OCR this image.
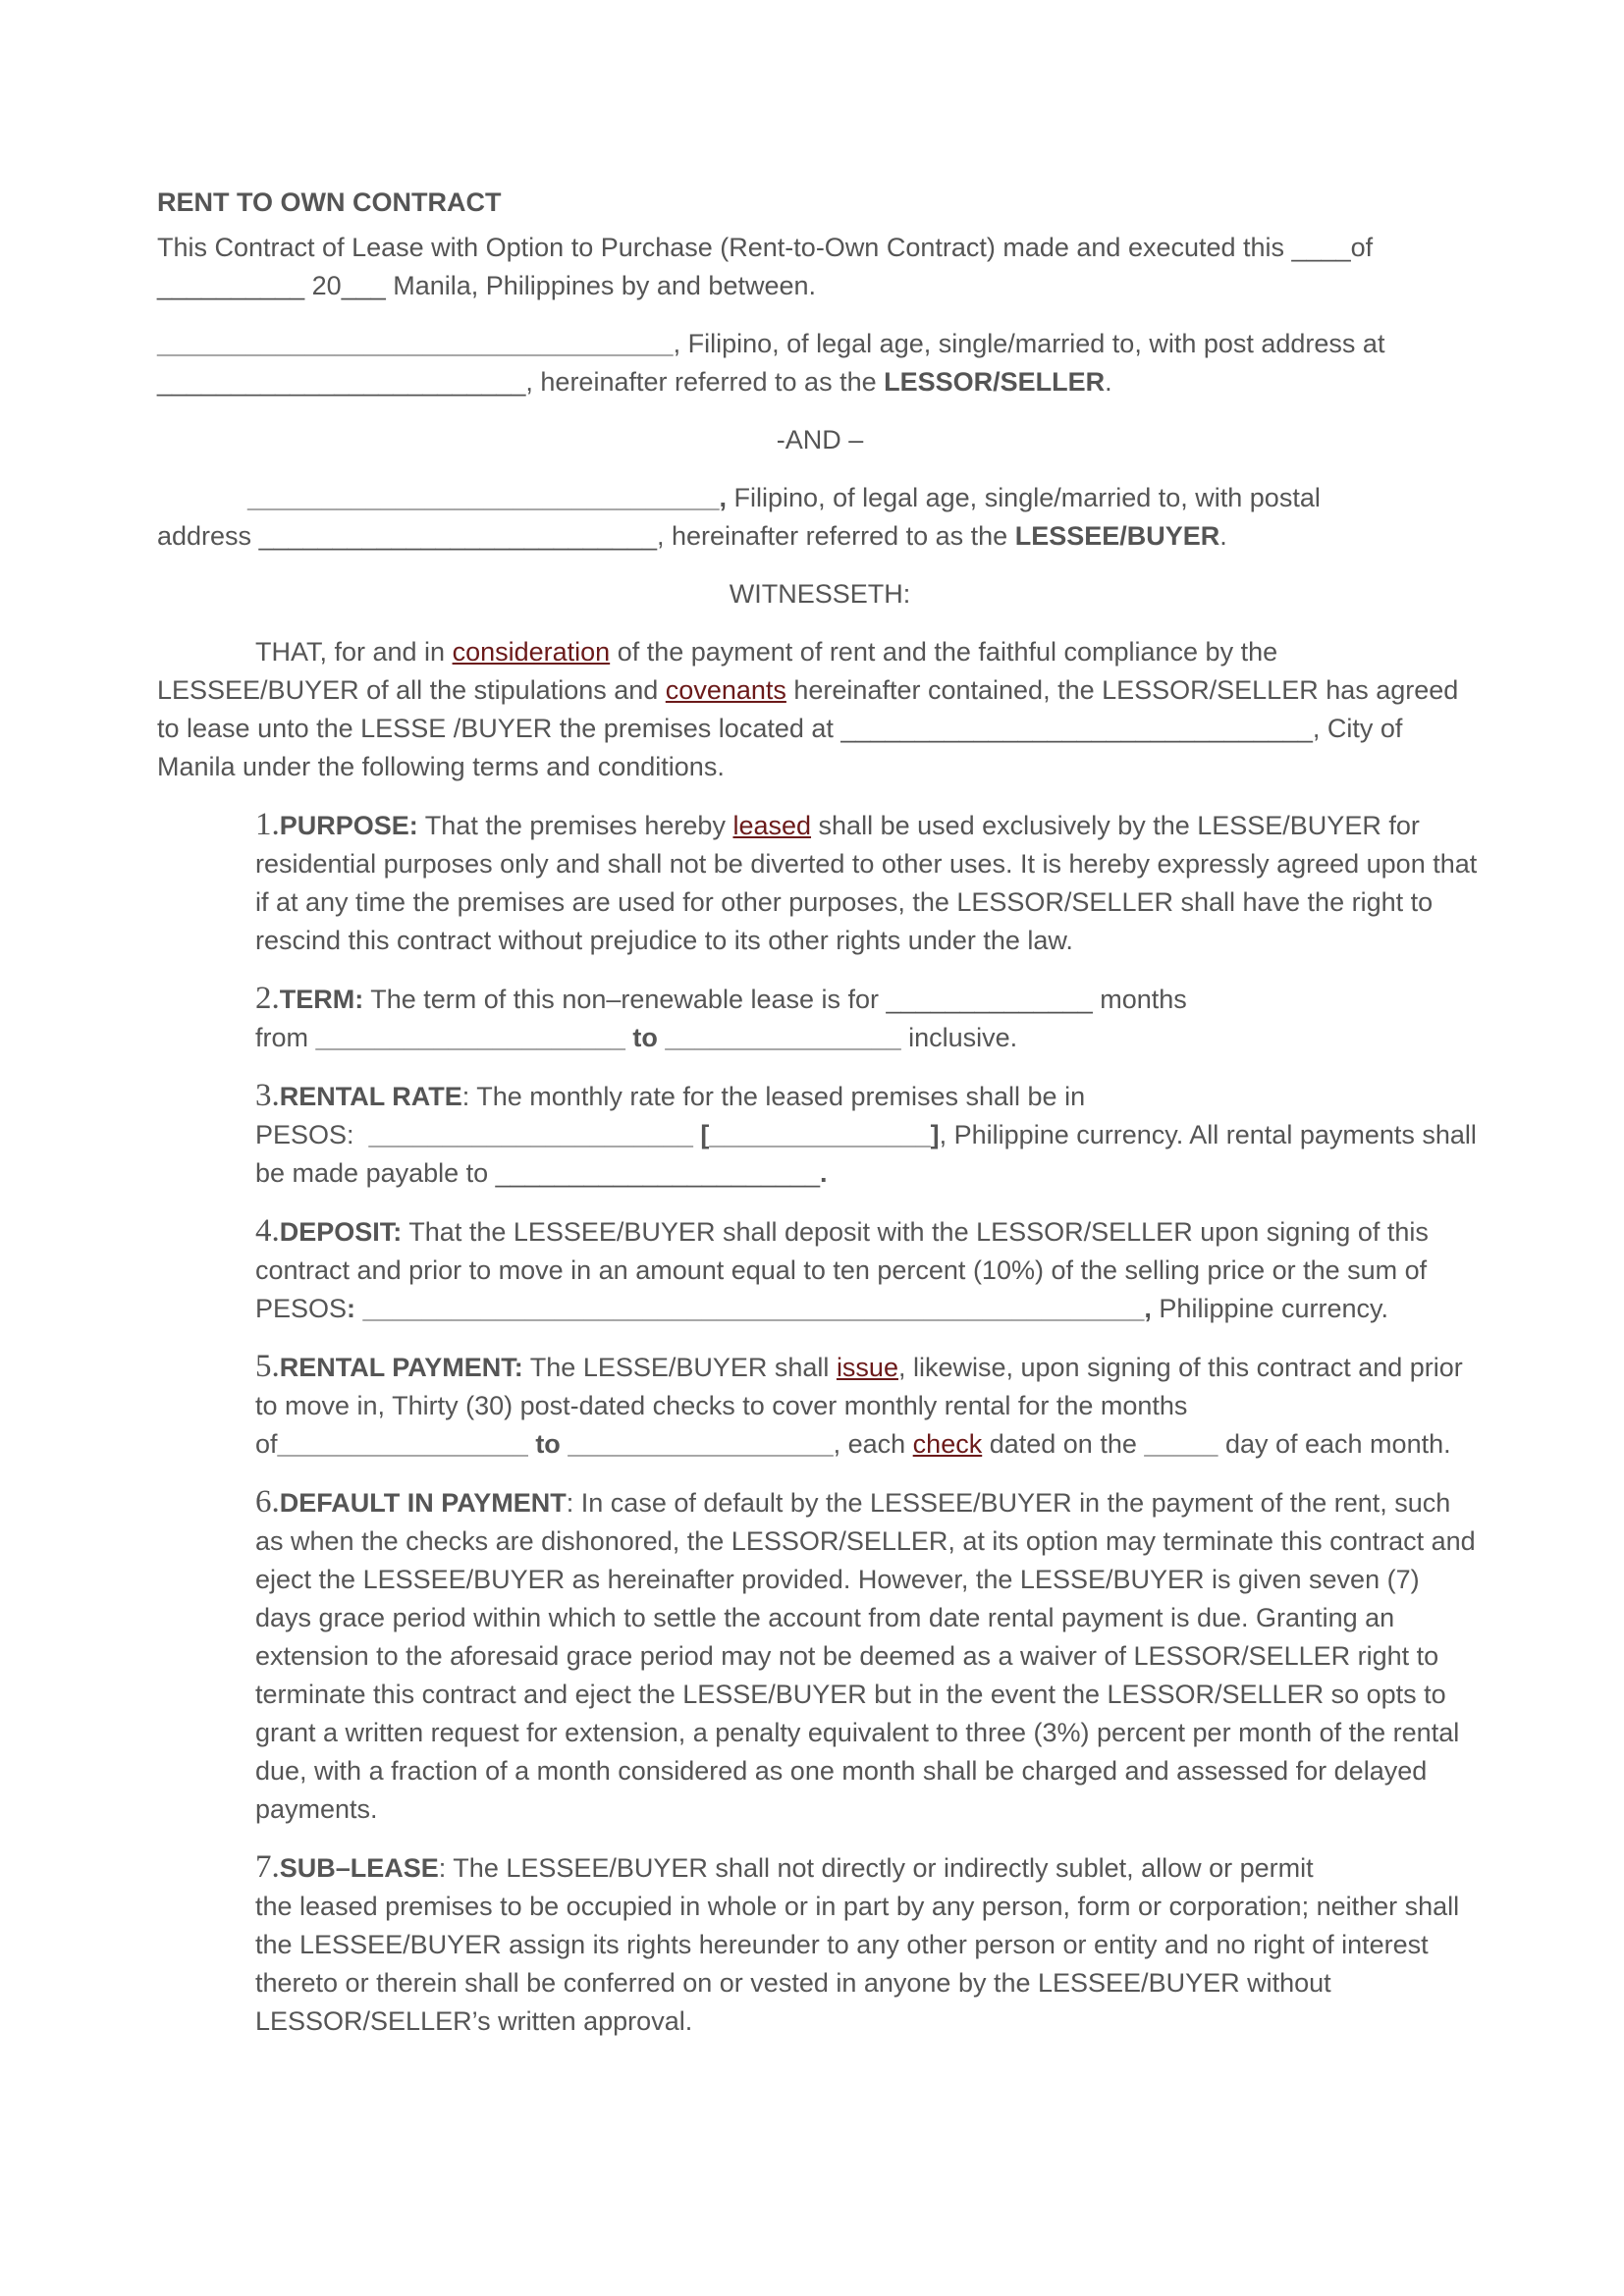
RENT TO OWN CONTRACT

This Contract of Lease with Option to Purchase (Rent-to-Own Contract) made and executed this ____of
__________ 20___ Manila, Philippines by and between.

___________________________________, Filipino, of legal age, single/married to, with post address at
_________________________, hereinafter referred to as the LESSOR/SELLER.

-AND –

________________________________, Filipino, of legal age, single/married to, with postal
address ___________________________, hereinafter referred to as the LESSEE/BUYER.

WITNESSETH:

THAT, for and in consideration of the payment of rent and the faithful compliance by the LESSEE/BUYER of all the stipulations and covenants hereinafter contained, the LESSOR/SELLER has agreed to lease unto the LESSE /BUYER the premises located at ________________________________, City of Manila under the following terms and conditions.

1.PURPOSE: That the premises hereby leased shall be used exclusively by the LESSE/BUYER for residential purposes only and shall not be diverted to other uses. It is hereby expressly agreed upon that if at any time the premises are used for other purposes, the LESSOR/SELLER shall have the right to rescind this contract without prejudice to its other rights under the law.
2.TERM: The term of this non–renewable lease is for ______________ months
from _____________________ to ________________ inclusive.
3.RENTAL RATE: The monthly rate for the leased premises shall be in
PESOS:  ______________________ [_______________], Philippine currency. All rental payments shall be made payable to ______________________.
4.DEPOSIT: That the LESSEE/BUYER shall deposit with the LESSOR/SELLER upon signing of this contract and prior to move in an amount equal to ten percent (10%) of the selling price or the sum of PESOS: _____________________________________________________, Philippine currency.
5.RENTAL PAYMENT: The LESSE/BUYER shall issue, likewise, upon signing of this contract and prior to move in, Thirty (30) post-dated checks to cover monthly rental for the months
of_________________ to __________________, each check dated on the _____ day of each month.
6.DEFAULT IN PAYMENT: In case of default by the LESSEE/BUYER in the payment of the rent, such as when the checks are dishonored, the LESSOR/SELLER, at its option may terminate this contract and eject the LESSEE/BUYER as hereinafter provided. However, the LESSE/BUYER is given seven (7) days grace period within which to settle the account from date rental payment is due. Granting an extension to the aforesaid grace period may not be deemed as a waiver of LESSOR/SELLER right to terminate this contract and eject the LESSE/BUYER but in the event the LESSOR/SELLER so opts to grant a written request for extension, a penalty equivalent to three (3%) percent per month of the rental due, with a fraction of a month considered as one month shall be charged and assessed for delayed payments.
7.SUB–LEASE: The LESSEE/BUYER shall not directly or indirectly sublet, allow or permit
the leased premises to be occupied in whole or in part by any person, form or corporation; neither shall the LESSEE/BUYER assign its rights hereunder to any other person or entity and no right of interest thereto or therein shall be conferred on or vested in anyone by the LESSEE/BUYER without LESSOR/SELLER’s written approval.
